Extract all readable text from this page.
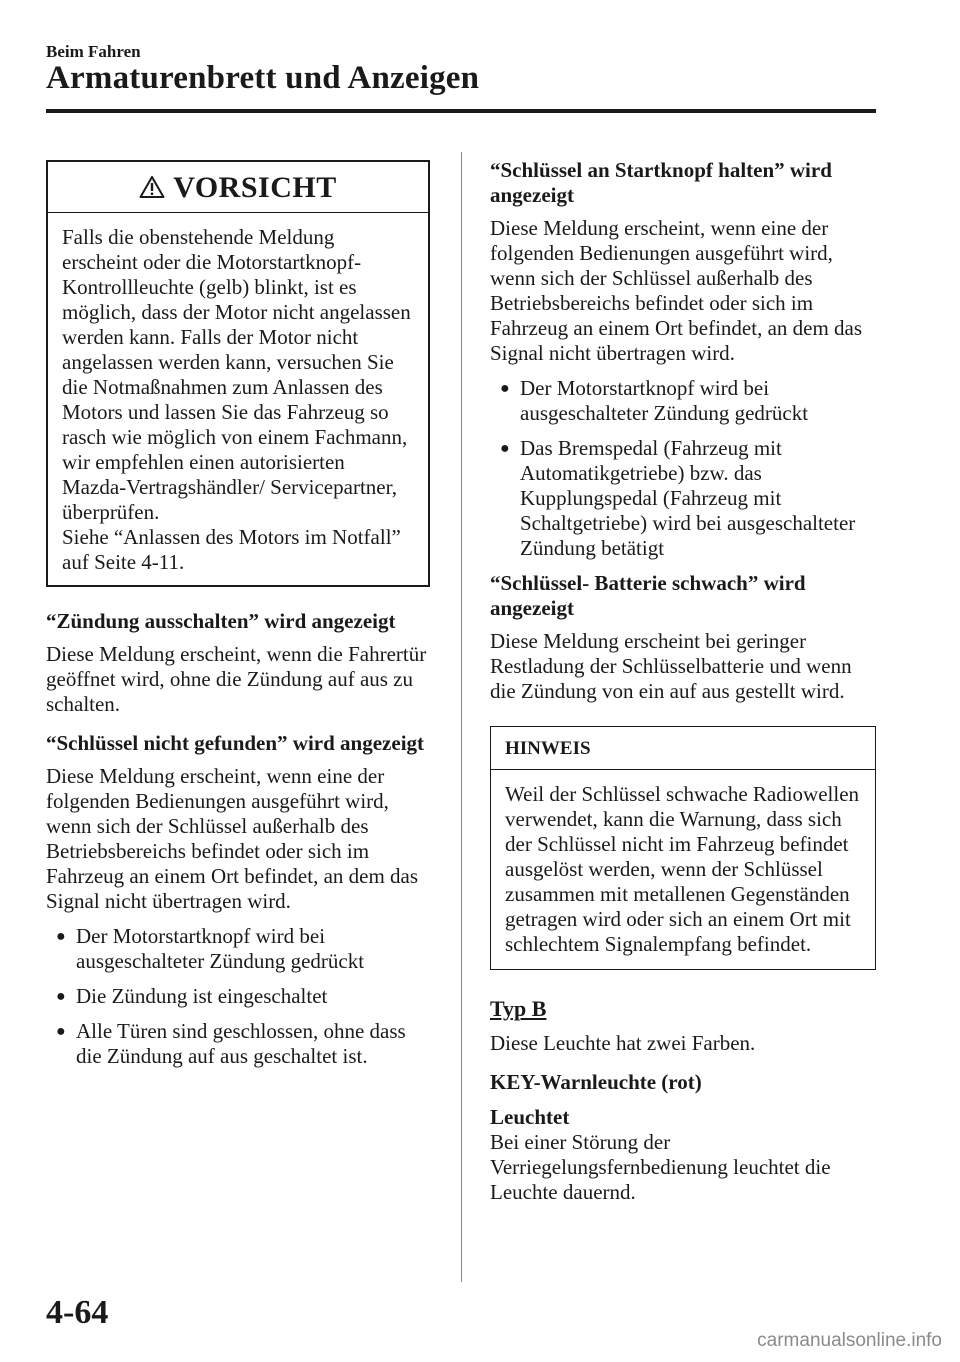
Beim Fahren
Armaturenbrett und Anzeigen
VORSICHT

Falls die obenstehende Meldung erscheint oder die Motorstartknopf-Kontrollleuchte (gelb) blinkt, ist es möglich, dass der Motor nicht angelassen werden kann. Falls der Motor nicht angelassen werden kann, versuchen Sie die Notmaßnahmen zum Anlassen des Motors und lassen Sie das Fahrzeug so rasch wie möglich von einem Fachmann, wir empfehlen einen autorisierten Mazda-Vertragshändler/ Servicepartner, überprüfen.

Siehe “Anlassen des Motors im Notfall” auf Seite 4-11.

“Zündung ausschalten” wird angezeigt

Diese Meldung erscheint, wenn die Fahrertür geöffnet wird, ohne die Zündung auf aus zu schalten.

“Schlüssel nicht gefunden” wird angezeigt

Diese Meldung erscheint, wenn eine der folgenden Bedienungen ausgeführt wird, wenn sich der Schlüssel außerhalb des Betriebsbereichs befindet oder sich im Fahrzeug an einem Ort befindet, an dem das Signal nicht übertragen wird.

● Der Motorstartknopf wird bei ausgeschalteter Zündung gedrückt
● Die Zündung ist eingeschaltet
● Alle Türen sind geschlossen, ohne dass die Zündung auf aus geschaltet ist.

“Schlüssel an Startknopf halten” wird angezeigt

Diese Meldung erscheint, wenn eine der folgenden Bedienungen ausgeführt wird, wenn sich der Schlüssel außerhalb des Betriebsbereichs befindet oder sich im Fahrzeug an einem Ort befindet, an dem das Signal nicht übertragen wird.

● Der Motorstartknopf wird bei ausgeschalteter Zündung gedrückt
● Das Bremspedal (Fahrzeug mit Automatikgetriebe) bzw. das Kupplungspedal (Fahrzeug mit Schaltgetriebe) wird bei ausgeschalteter Zündung betätigt

“Schlüssel- Batterie schwach” wird angezeigt

Diese Meldung erscheint bei geringer Restladung der Schlüsselbatterie und wenn die Zündung von ein auf aus gestellt wird.

HINWEIS
Weil der Schlüssel schwache Radiowellen verwendet, kann die Warnung, dass sich der Schlüssel nicht im Fahrzeug befindet ausgelöst werden, wenn der Schlüssel zusammen mit metallenen Gegenständen getragen wird oder sich an einem Ort mit schlechtem Signalempfang befindet.

Typ B

Diese Leuchte hat zwei Farben.

KEY-Warnleuchte (rot)

Leuchtet

Bei einer Störung der Verriegelungsfernbedienung leuchtet die Leuchte dauernd.

4-64
carmanualsonline.info
